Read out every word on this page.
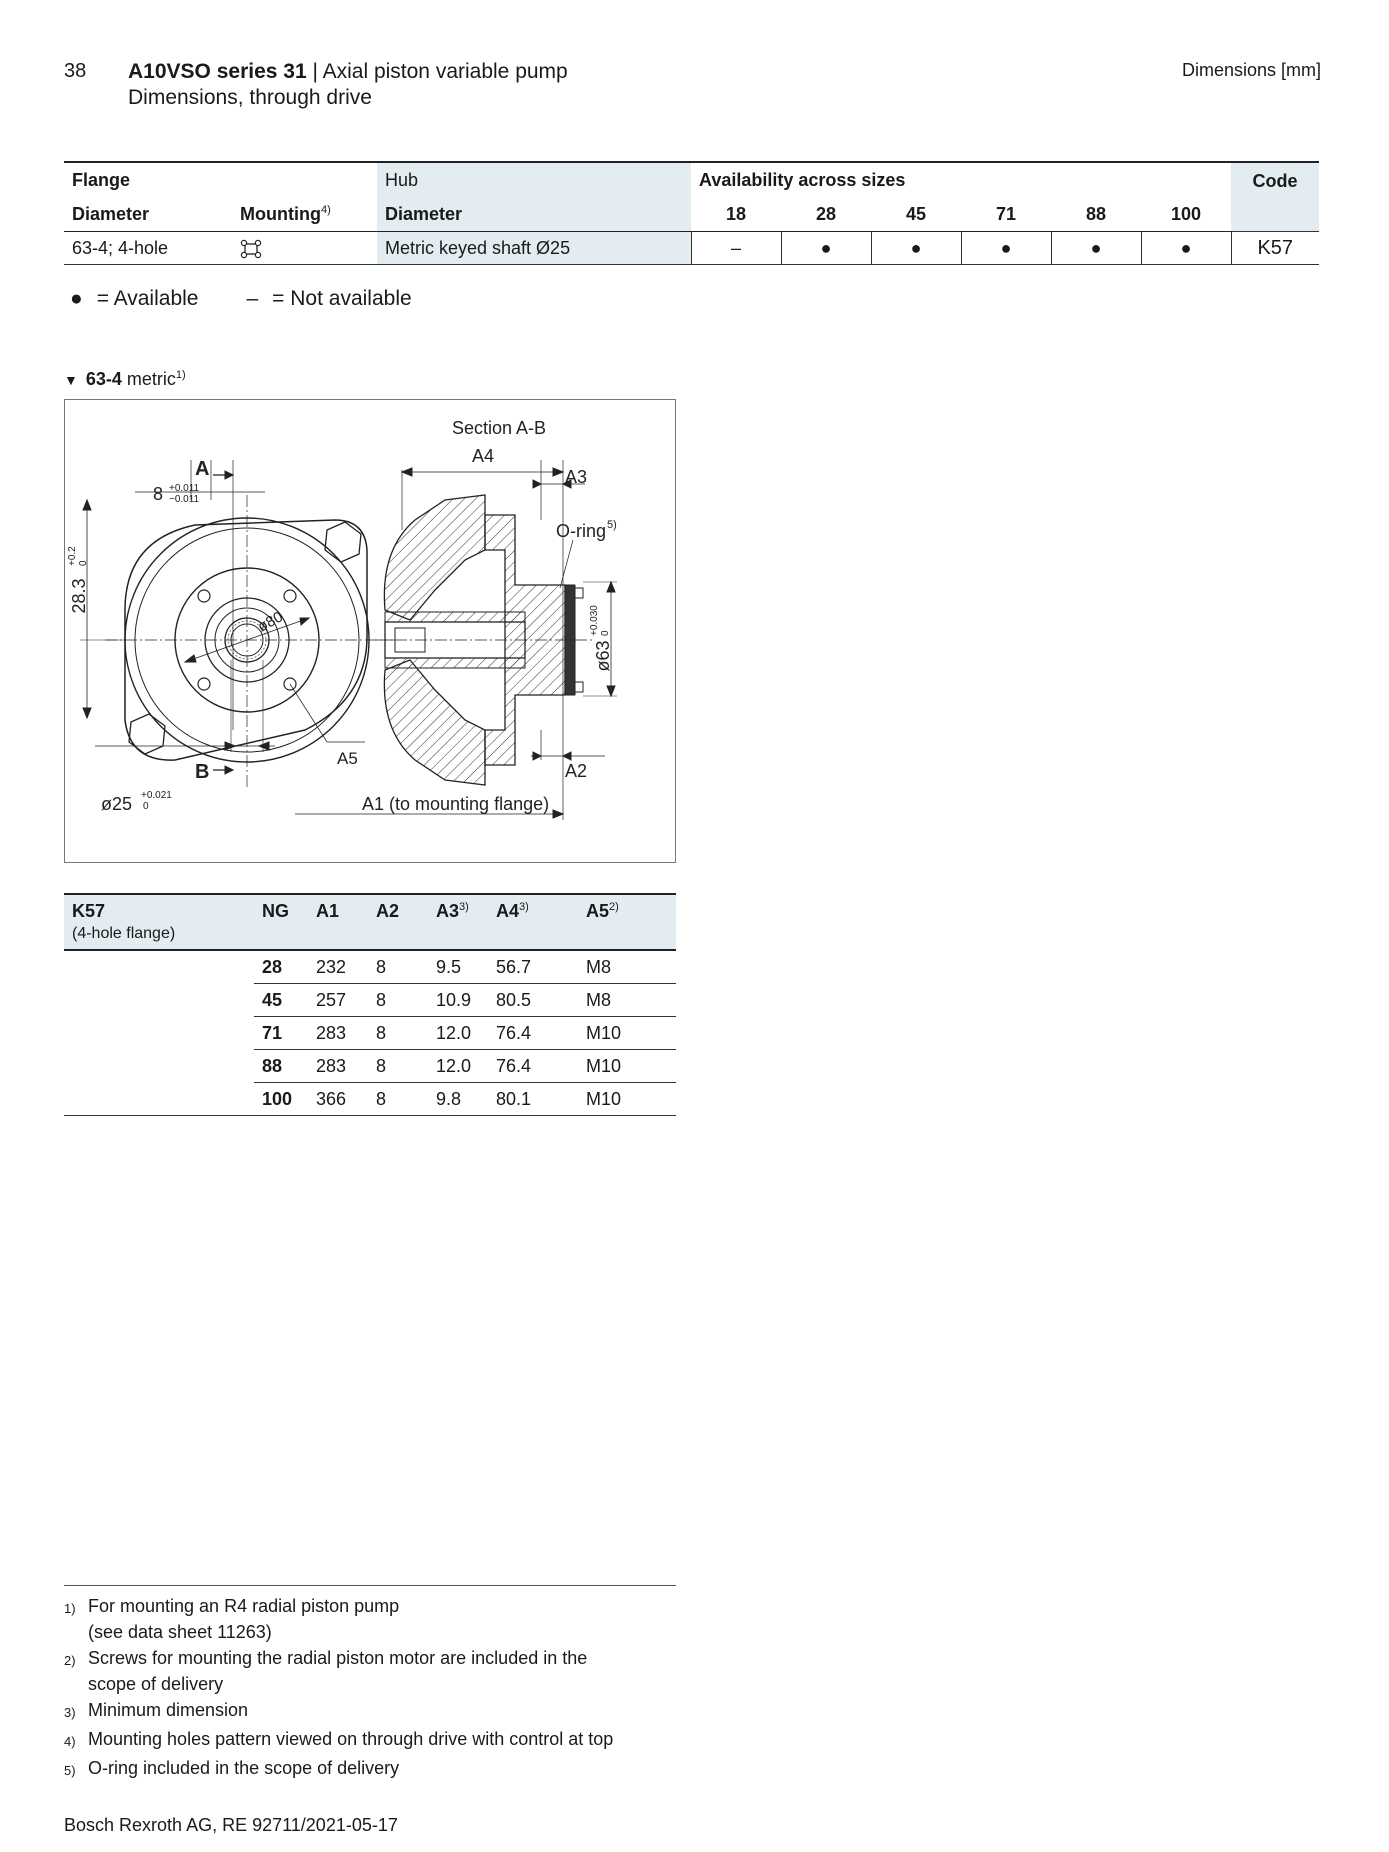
38 A10VSO series 31 | Axial piston variable pump
Dimensions, through drive
Dimensions [mm]
Flange		Hub	Availability across sizes						Code
Diameter	Mounting$^{4)}$	Diameter	18	28	45	71	88	100	
63-4; 4-hole		Metric keyed shaft Ø25	–	●	●	●	●	●	K57
● = Available – = Not available
▼ 63-4 metric$^{1)}$
Section A-B
A4
A3
O-ring 5)
A2
A1 (to mounting flange)
A5
A
B
8 +0.011
−0.011
ø25 +0.021
0
28.3
+0.2 0
ø80
ø63
+0.030 0
K57
(4-hole flange)	NG	A1	A2	A3$^{3)}$	A4$^{3)}$	A5$^{2)}$
	28	232	8	9.5	56.7	M8
	45	257	8	10.9	80.5	M8
	71	283	8	12.0	76.4	M10
	88	283	8	12.0	76.4	M10
	100	366	8	9.8	80.1	M10
1) For mounting an R4 radial piston pump
(see data sheet 11263)
2) Screws for mounting the radial piston motor are included in the
scope of delivery
3) Minimum dimension
4) Mounting holes pattern viewed on through drive with control at top
5) O-ring included in the scope of delivery
Bosch Rexroth AG, RE 92711/2021-05-17
